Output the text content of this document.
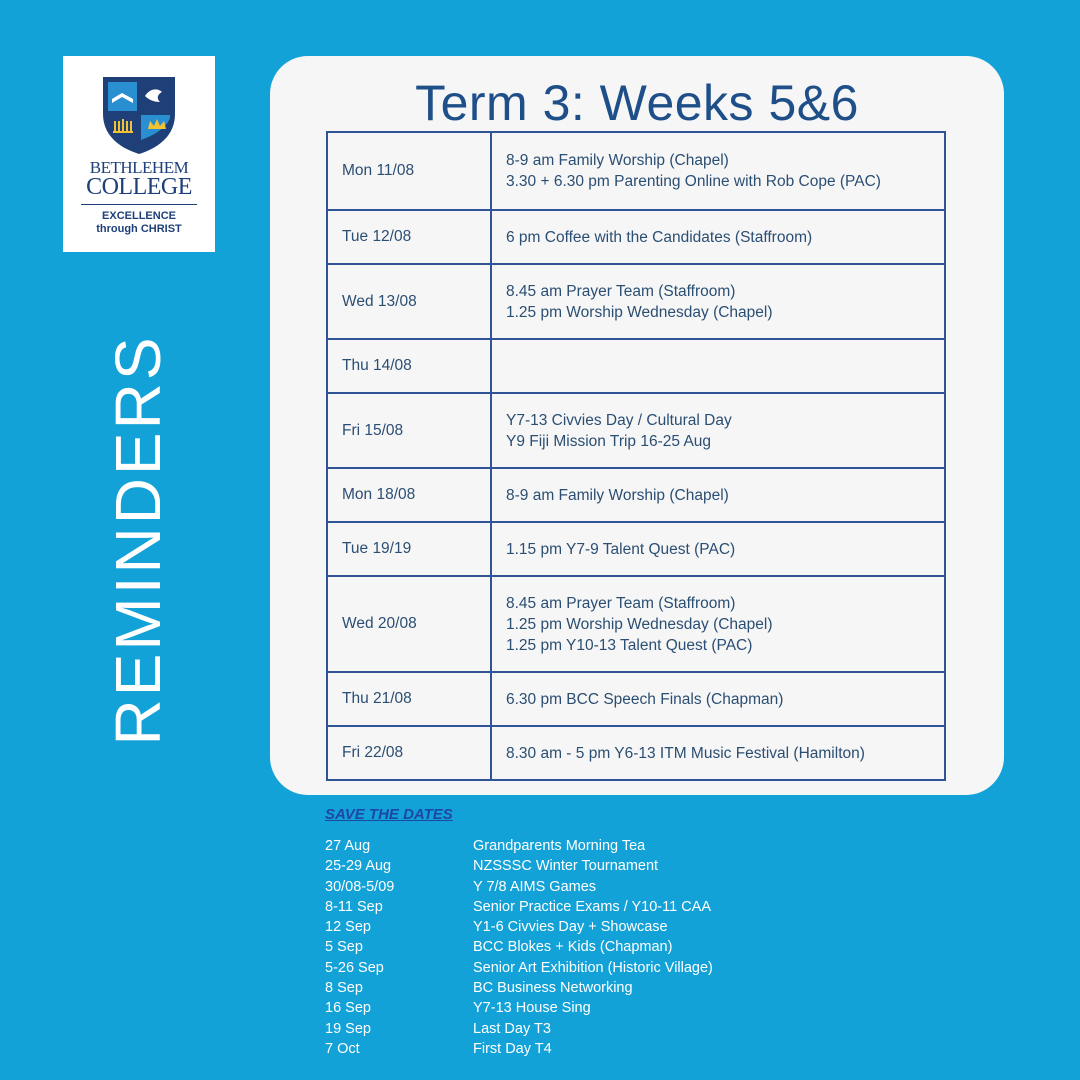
BETHLEHEM
COLLEGE
EXCELLENCE
through CHRIST
REMINDERS
Term 3: Weeks 5&6
Mon 11/08	8-9 am Family Worship (Chapel)
3.30 + 6.30 pm Parenting Online with Rob Cope (PAC)

Tue 12/08	6 pm Coffee with the Candidates (Staffroom)

Wed 13/08	8.45 am Prayer Team (Staffroom)
1.25 pm Worship Wednesday (Chapel)

Thu 14/08	
Fri 15/08	Y7-13 Civvies Day / Cultural Day
Y9 Fiji Mission Trip 16-25 Aug

Mon 18/08	8-9 am Family Worship (Chapel)

Tue 19/19	1.15 pm Y7-9 Talent Quest (PAC)

Wed 20/08	8.45 am Prayer Team (Staffroom)
1.25 pm Worship Wednesday (Chapel)
1.25 pm Y10-13 Talent Quest (PAC)

Thu 21/08	6.30 pm BCC Speech Finals (Chapman)

Fri 22/08	8.30 am - 5 pm Y6-13 ITM Music Festival (Hamilton)
SAVE THE DATES
27 Aug	Grandparents Morning Tea
25-29 Aug	NZSSSC Winter Tournament
30/08-5/09	Y 7/8 AIMS Games
8-11 Sep	Senior Practice Exams / Y10-11 CAA
12 Sep	Y1-6 Civvies Day + Showcase
5 Sep	BCC Blokes + Kids (Chapman)
5-26 Sep	Senior Art Exhibition (Historic Village)
8 Sep	BC Business Networking
16 Sep	Y7-13 House Sing
19 Sep	Last Day T3
7 Oct	First Day T4
